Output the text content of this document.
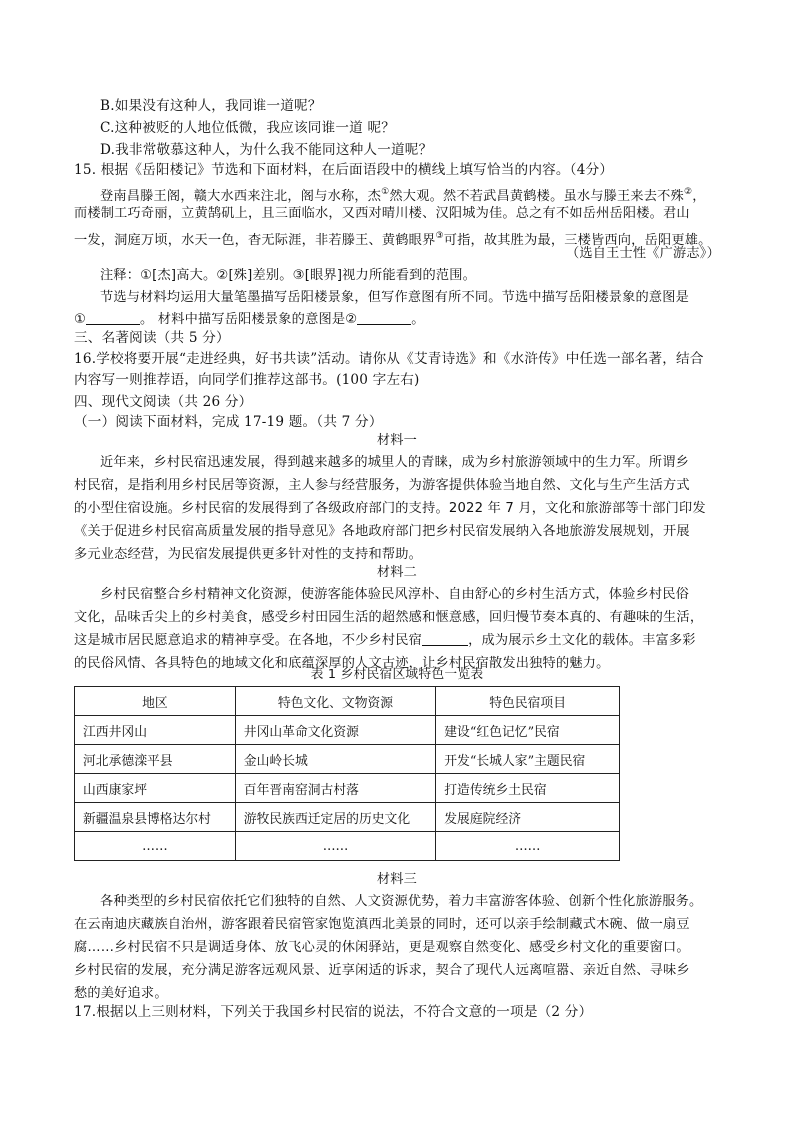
B.如果没有这种人，我同谁一道呢？
C.这种被贬的人地位低微，我应该同谁一道 呢？
D.我非常敬慕这种人，为什么我不能同这种人一道呢？
15. 根据《岳阳楼记》节选和下面材料，在后面语段中的横线上填写恰当的内容。（4分）
登南昌滕王阁，赣大水西来注北，阁与水称，杰①然大观。然不若武昌黄鹤楼。虽水与滕王来去不殊②，
而楼制工巧奇丽，立黄鹄矶上，且三面临水，又西对晴川楼、汉阳城为佳。总之有不如岳州岳阳楼。君山
一发，洞庭万顷，水天一色，杳无际涯，非若滕王、黄鹤眼界③可指，故其胜为最，三楼皆西向，岳阳更雄。
（选自王士性《广游志》）
注释：①[杰]高大。②[殊]差别。③[眼界]视力所能看到的范围。
节选与材料均运用大量笔墨描写岳阳楼景象，但写作意图有所不同。节选中描写岳阳楼景象的意图是
①	。 材料中描写岳阳楼景象的意图是②	。
三、名著阅读（共 5 分）
16.学校将要开展“走进经典，好书共读”活动。请你从《艾青诗选》和《水浒传》中任选一部名著，结合
内容写一则推荐语，向同学们推荐这部书。(100 字左右)
四、现代文阅读（共 26 分）
（一）阅读下面材料，完成 17-19 题。（共 7 分）
材料一
近年来，乡村民宿迅速发展，得到越来越多的城里人的青睐，成为乡村旅游领域中的生力军。所谓乡
村民宿，是指利用乡村民居等资源，主人参与经营服务，为游客提供体验当地自然、文化与生产生活方式
的小型住宿设施。乡村民宿的发展得到了各级政府部门的支持。2022 年 7 月，文化和旅游部等十部门印发
《关于促进乡村民宿高质量发展的指导意见》各地政府部门把乡村民宿发展纳入各地旅游发展规划，开展
多元业态经营，为民宿发展提供更多针对性的支持和帮助。
材料二
乡村民宿整合乡村精神文化资源，使游客能体验民风淳朴、自由舒心的乡村生活方式，体验乡村民俗
文化，品味舌尖上的乡村美食，感受乡村田园生活的超然感和惬意感，回归慢节奏本真的、有趣味的生活，
这是城市居民愿意追求的精神享受。在各地，不少乡村民宿	，成为展示乡土文化的载体。丰富多彩
的民俗风情、各具特色的地域文化和底蕴深厚的人文古迹，让乡村民宿散发出独特的魅力。
表 1 乡村民宿区域特色一览表
地区	特色文化、文物资源	特色民宿项目
江西井冈山	井冈山革命文化资源	建设“红色记忆”民宿
河北承德滦平县	金山岭长城	开发“长城人家”主题民宿
山西康家坪	百年晋南窑洞古村落	打造传统乡土民宿
新疆温泉县博格达尔村	游牧民族西迁定居的历史文化	发展庭院经济
……	……	……
材料三
各种类型的乡村民宿依托它们独特的自然、人文资源优势，着力丰富游客体验、创新个性化旅游服务。
在云南迪庆藏族自治州，游客跟着民宿管家饱览滇西北美景的同时，还可以亲手绘制藏式木碗、做一扇豆
腐……乡村民宿不只是调适身体、放飞心灵的休闲驿站，更是观察自然变化、感受乡村文化的重要窗口。
乡村民宿的发展，充分满足游客远观风景、近享闲适的诉求，契合了现代人远离喧嚣、亲近自然、寻味乡
愁的美好追求。
17.根据以上三则材料，下列关于我国乡村民宿的说法，不符合文意的一项是（2 分）
